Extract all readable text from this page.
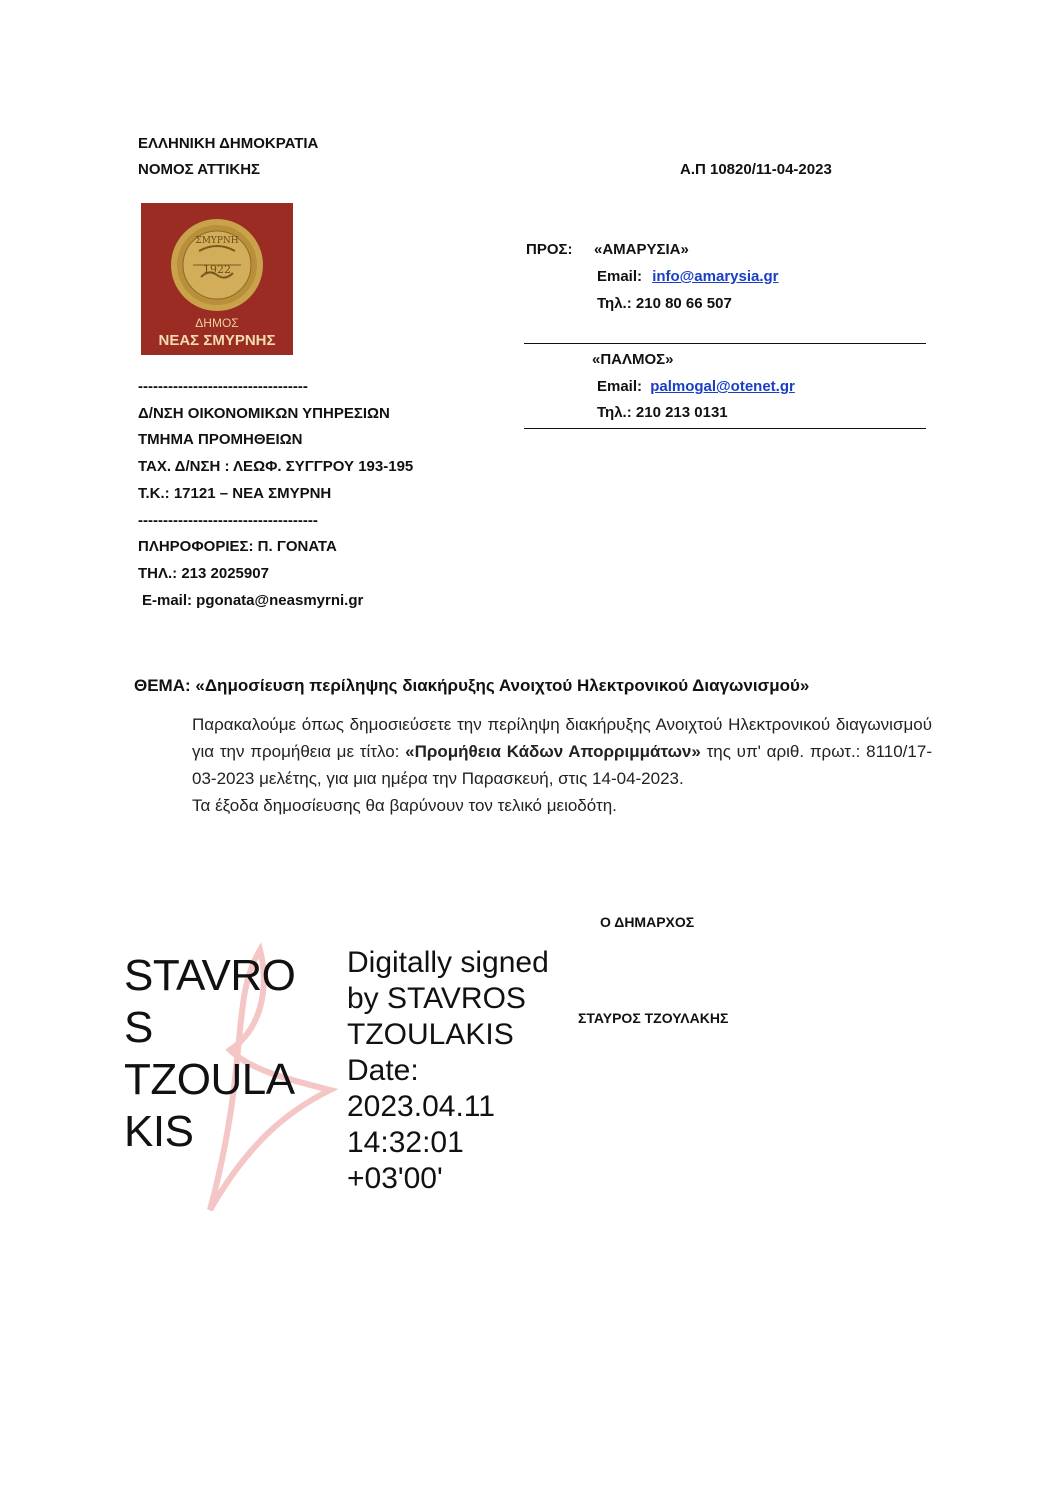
ΕΛΛΗΝΙΚΗ ΔΗΜΟΚΡΑΤΙΑ
ΝΟΜΟΣ ΑΤΤΙΚΗΣ	Α.Π 10820/11-04-2023
ΣΜΥΡΝΗ
1922
ΔΗΜΟΣ
ΝΕΑΣ ΣΜΥΡΝΗΣ
----------------------------------
Δ/ΝΣΗ ΟΙΚΟΝΟΜΙΚΩΝ ΥΠΗΡΕΣΙΩΝ
ΤΜΗΜΑ ΠΡΟΜΗΘΕΙΩΝ
ΤΑΧ. Δ/ΝΣΗ : ΛΕΩΦ. ΣΥΓΓΡΟΥ 193-195
Τ.Κ.: 17121 – ΝΕΑ ΣΜΥΡΝΗ
------------------------------------
ΠΛΗΡΟΦΟΡΙΕΣ: Π. ΓΟΝΑΤΑ
ΤΗΛ.: 213 2025907
E-mail: pgonata@neasmyrni.gr
ΠΡΟΣ: «ΑΜΑΡΥΣΙΑ»
Email: info@amarysia.gr
Τηλ.: 210 80 66 507
«ΠΑΛΜΟΣ»
Email: palmogal@otenet.gr
Τηλ.: 210 213 0131
ΘΕΜΑ: «Δημοσίευση περίληψης διακήρυξης Ανοιχτού Ηλεκτρονικού Διαγωνισμού»
Παρακαλούμε όπως δημοσιεύσετε την περίληψη διακήρυξης Ανοιχτού Ηλεκτρονικού διαγωνισμού για την προμήθεια με τίτλο: «Προμήθεια Κάδων Απορριμμάτων» της υπ' αριθ. πρωτ.: 8110/17-03-2023 μελέτης, για μια ημέρα την Παρασκευή, στις 14-04-2023.
Τα έξοδα δημοσίευσης θα βαρύνουν τον τελικό μειοδότη.
Ο ΔΗΜΑΡΧΟΣ
ΣΤΑΥΡΟΣ ΤΖΟΥΛΑΚΗΣ
STAVRO
S
TZOULA
KIS
Digitally signed
by STAVROS
TZOULAKIS
Date:
2023.04.11
14:32:01
+03'00'
